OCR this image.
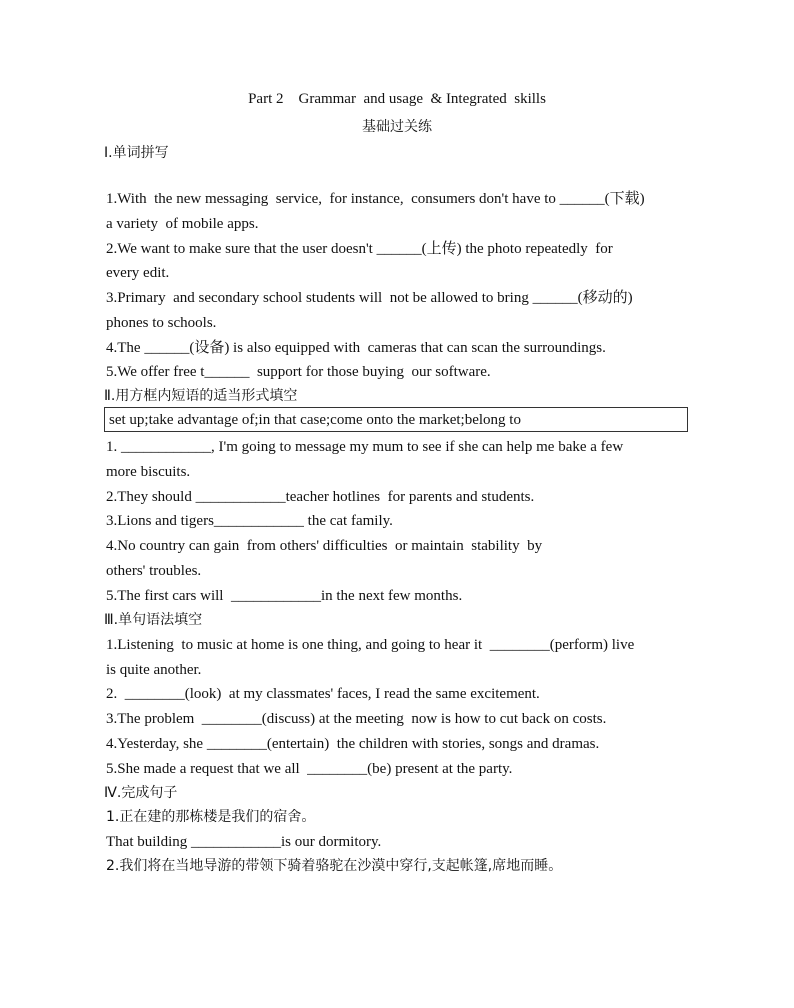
Part 2    Grammar  and usage  & Integrated  skills
基础过关练
Ⅰ.单词拼写
1.With  the new messaging  service,  for instance,  consumers don't have to ______(下载)
a variety  of mobile apps.
2.We want to make sure that the user doesn't ______(上传) the photo repeatedly  for
every edit.
3.Primary  and secondary school students will  not be allowed to bring ______(移动的)
phones to schools.
4.The ______(设备) is also equipped with  cameras that can scan the surroundings.
5.We offer free t______  support for those buying  our software.
Ⅱ.用方框内短语的适当形式填空
set up;take advantage of;in that case;come onto the market;belong to
1. ____________, I'm going to message my mum to see if she can help me bake a few
more biscuits.
2.They should ____________teacher hotlines  for parents and students.
3.Lions and tigers____________ the cat family.
4.No country can gain  from others' difficulties  or maintain  stability  by
others' troubles.
5.The first cars will  ____________in the next few months.
Ⅲ.单句语法填空
1.Listening  to music at home is one thing, and going to hear it  ________(perform) live
is quite another.
2.  ________(look)  at my classmates' faces, I read the same excitement.
3.The problem  ________(discuss) at the meeting  now is how to cut back on costs.
4.Yesterday, she ________(entertain)  the children with stories, songs and dramas.
5.She made a request that we all  ________(be) present at the party.
Ⅳ.完成句子
1.正在建的那栋楼是我们的宿舍。
That building ____________is our dormitory.
2.我们将在当地导游的带领下骑着骆驼在沙漠中穿行,支起帐篷,席地而睡。
